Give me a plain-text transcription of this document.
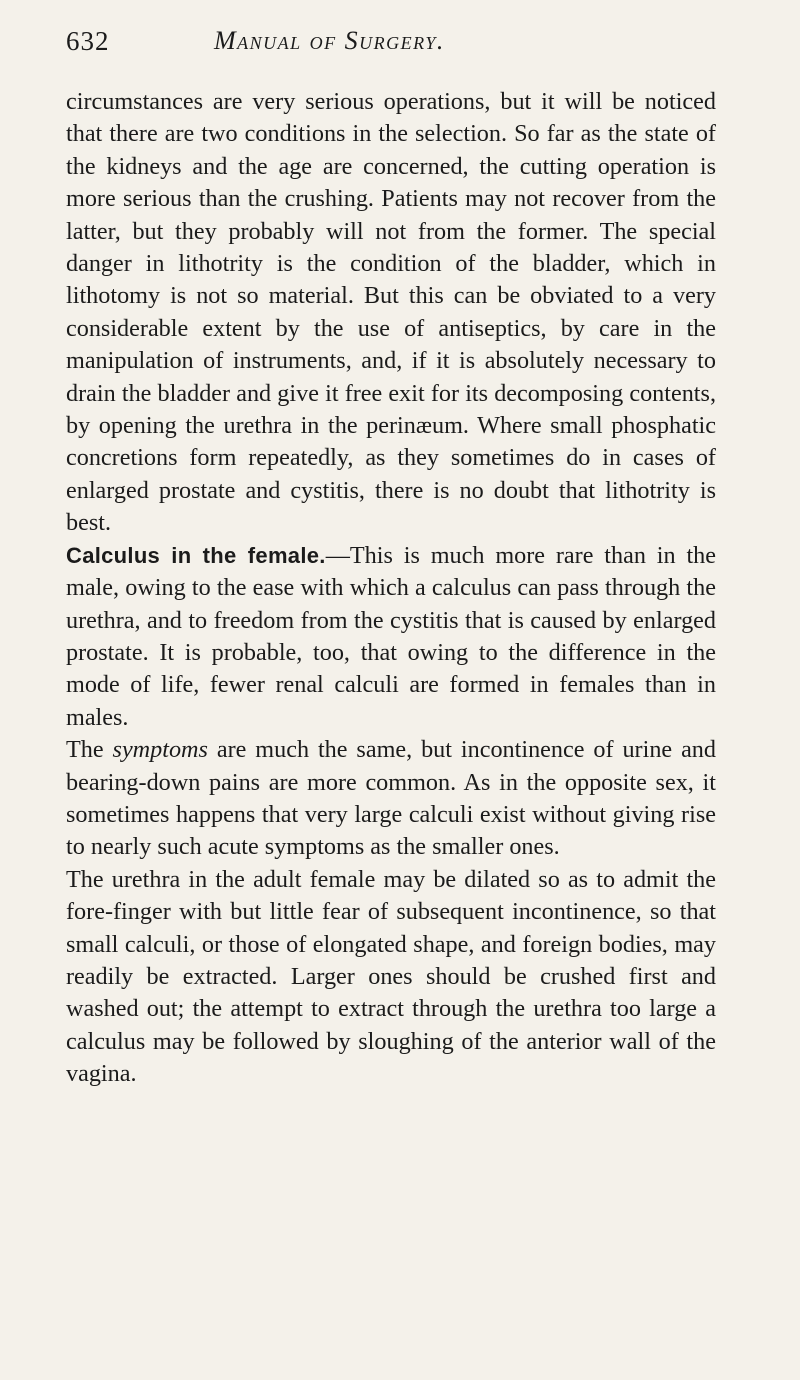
632	Manual of Surgery.

circumstances are very serious operations, but it will be noticed that there are two conditions in the selection. So far as the state of the kidneys and the age are concerned, the cutting operation is more serious than the crushing. Patients may not recover from the latter, but they probably will not from the former. The special danger in lithotrity is the condition of the bladder, which in lithotomy is not so material. But this can be obviated to a very considerable extent by the use of antiseptics, by care in the manipulation of instruments, and, if it is absolutely necessary to drain the bladder and give it free exit for its decomposing contents, by opening the urethra in the perinæum. Where small phosphatic concretions form repeatedly, as they sometimes do in cases of enlarged prostate and cystitis, there is no doubt that lithotrity is best.

Calculus in the female.—This is much more rare than in the male, owing to the ease with which a calculus can pass through the urethra, and to freedom from the cystitis that is caused by enlarged prostate. It is probable, too, that owing to the difference in the mode of life, fewer renal calculi are formed in females than in males.

The symptoms are much the same, but incontinence of urine and bearing-down pains are more common. As in the opposite sex, it sometimes happens that very large calculi exist without giving rise to nearly such acute symptoms as the smaller ones.

The urethra in the adult female may be dilated so as to admit the fore-finger with but little fear of subsequent incontinence, so that small calculi, or those of elongated shape, and foreign bodies, may readily be extracted. Larger ones should be crushed first and washed out; the attempt to extract through the urethra too large a calculus may be followed by sloughing of the anterior wall of the vagina.
